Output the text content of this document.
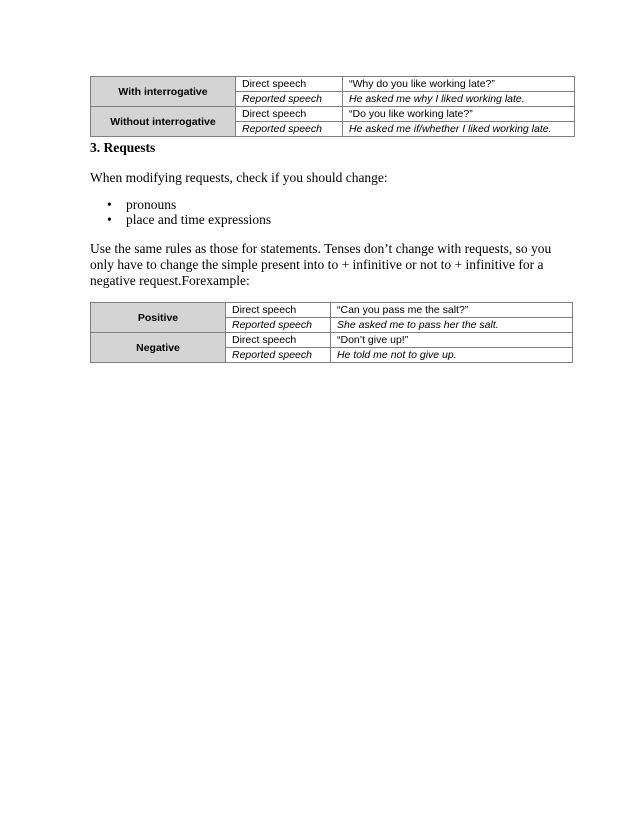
With interrogative	Direct speech	“Why do you like working late?”
	Reported speech	He asked me why I liked working late.
Without interrogative	Direct speech	“Do you like working late?”
	Reported speech	He asked me if/whether I liked working late.
3. Requests

When modifying requests, check if you should change:

• pronouns
• place and time expressions

Use the same rules as those for statements. Tenses don’t change with requests, so you only have to change the simple present into to + infinitive or not to + infinitive for a negative request.Forexample:

Positive	Direct speech	“Can you pass me the salt?”
	Reported speech	She asked me to pass her the salt.
Negative	Direct speech	“Don’t give up!”
	Reported speech	He told me not to give up.
